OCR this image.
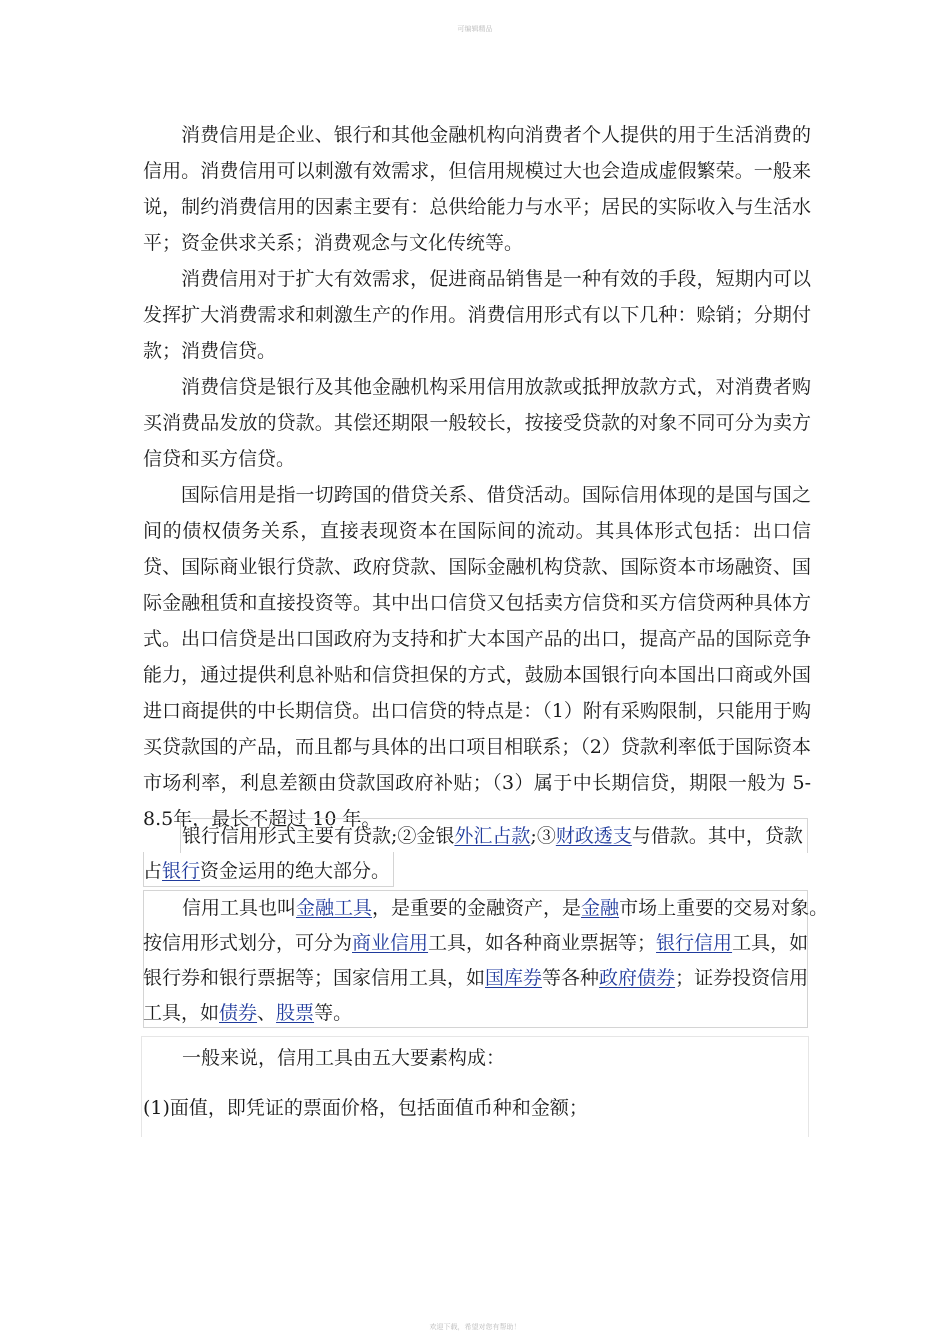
可编辑精品

消费信用是企业、银行和其他金融机构向消费者个人提供的用于生活消费的信用。消费信用可以刺激有效需求，但信用规模过大也会造成虚假繁荣。一般来说，制约消费信用的因素主要有：总供给能力与水平；居民的实际收入与生活水平；资金供求关系；消费观念与文化传统等。

消费信用对于扩大有效需求，促进商品销售是一种有效的手段，短期内可以发挥扩大消费需求和刺激生产的作用。消费信用形式有以下几种：赊销；分期付款；消费信贷。

消费信贷是银行及其他金融机构采用信用放款或抵押放款方式，对消费者购买消费品发放的贷款。其偿还期限一般较长，按接受贷款的对象不同可分为卖方信贷和买方信贷。

国际信用是指一切跨国的借贷关系、借贷活动。国际信用体现的是国与国之间的债权债务关系，直接表现资本在国际间的流动。其具体形式包括：出口信贷、国际商业银行贷款、政府贷款、国际金融机构贷款、国际资本市场融资、国际金融租赁和直接投资等。其中出口信贷又包括卖方信贷和买方信贷两种具体方式。 出口信贷是出口国政府为支持和扩大本国产品的出口，提高产品的国际竞争能力，通过提供利息补贴和信贷担保的方式，鼓励本国银行向本国出口商或外国进口商提供的中长期信贷。出口信贷的特点是：（1）附有采购限制，只能用于购买贷款国的产品，而且都与具体的出口项目相联系；（2）贷款利率低于国际资本市场利率，利息差额由贷款国政府补贴；（3）属于中长期信贷，期限一般为 5-8.5年，最长不超过 10 年。

银行信用形式主要有贷款;②金银外汇占款;③财政透支与借款。其中，贷款
占银行资金运用的绝大部分。
信用工具也叫金融工具，是重要的金融资产，是金融市场上重要的交易对象。
按信用形式划分，可分为商业信用工具，如各种商业票据等；银行信用工具，如
银行券和银行票据等；国家信用工具，如国库券等各种政府债券；证券投资信用
工具，如债券、股票等。
一般来说，信用工具由五大要素构成：
(1)面值，即凭证的票面价格，包括面值币种和金额；
欢迎下载，希望对您有帮助！
